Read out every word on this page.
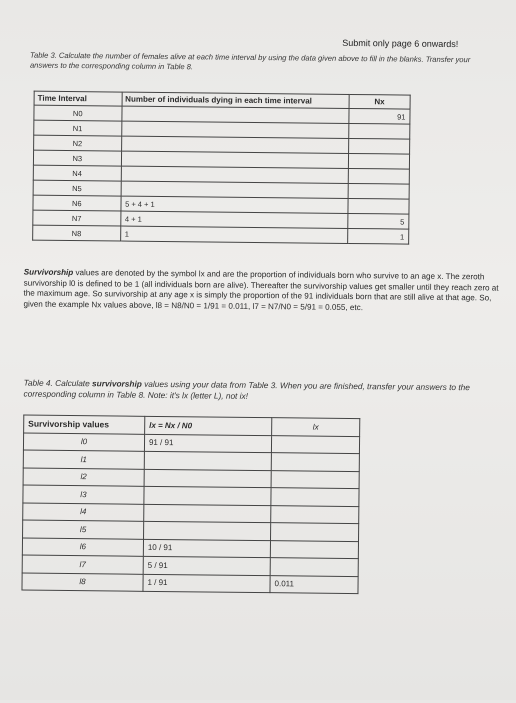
Submit only page 6 onwards!
Table 3. Calculate the number of females alive at each time interval by using the data given above to fill in the blanks. Transfer your answers to the corresponding column in Table 8.
Time Interval	Number of individuals dying in each time interval	Nx
N0		91
N1		
N2		
N3		
N4		
N5		
N6	5 + 4 + 1	
N7	4 + 1	5
N8	1	1
Survivorship values are denoted by the symbol lx and are the proportion of individuals born who survive to an age x. The zeroth survivorship l0 is defined to be 1 (all individuals born are alive). Thereafter the survivorship values get smaller until they reach zero at the maximum age. So survivorship at any age x is simply the proportion of the 91 individuals born that are still alive at that age. So, given the example Nx values above, l8 = N8/N0 = 1/91 = 0.011, l7 = N7/N0 = 5/91 = 0.055, etc.
Table 4. Calculate survivorship values using your data from Table 3. When you are finished, transfer your answers to the corresponding column in Table 8. Note: it's lx (letter L), not ix!
Survivorship values	lx = Nx / N0	lx
l0	91 / 91	
l1		
l2		
l3		
l4		
l5		
l6	10 / 91	
l7	5 / 91	
l8	1 / 91	0.011
